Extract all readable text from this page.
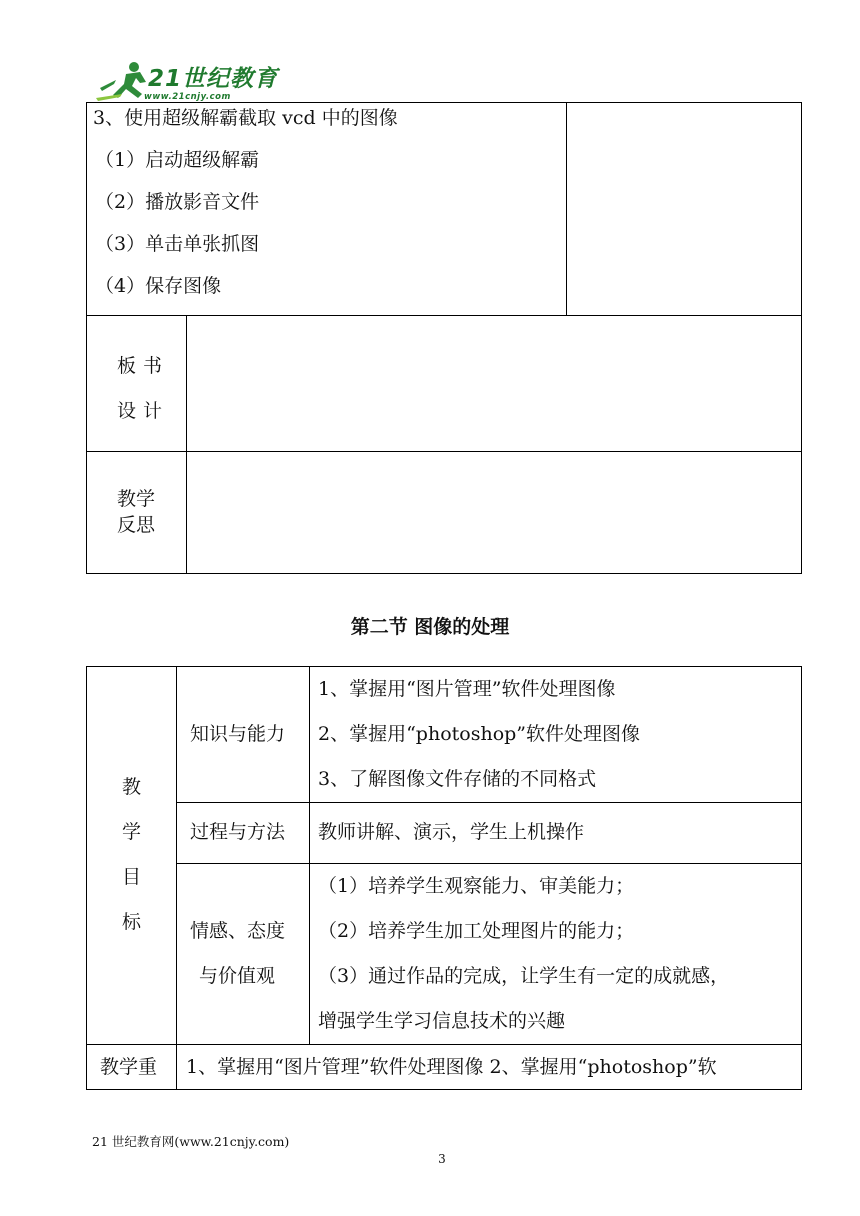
21世纪教育
www.21cnjy.com
3、使用超级解霸截取 vcd 中的图像
（1）启动超级解霸
（2）播放影音文件
（3）单击单张抓图
（4）保存图像
板书
设计
教学
反思
第二节 图像的处理
教
学
目
标
知识与能力
1、掌握用“图片管理”软件处理图像
2、掌握用“photoshop”软件处理图像
3、了解图像文件存储的不同格式
过程与方法 教师讲解、演示，学生上机操作
情感、态度
与价值观
（1）培养学生观察能力、审美能力；
（2）培养学生加工处理图片的能力；
（3）通过作品的完成，让学生有一定的成就感，
增强学生学习信息技术的兴趣
教学重 1、掌握用“图片管理”软件处理图像 2、掌握用“photoshop”软
21 世纪教育网(www.21cnjy.com)
3
